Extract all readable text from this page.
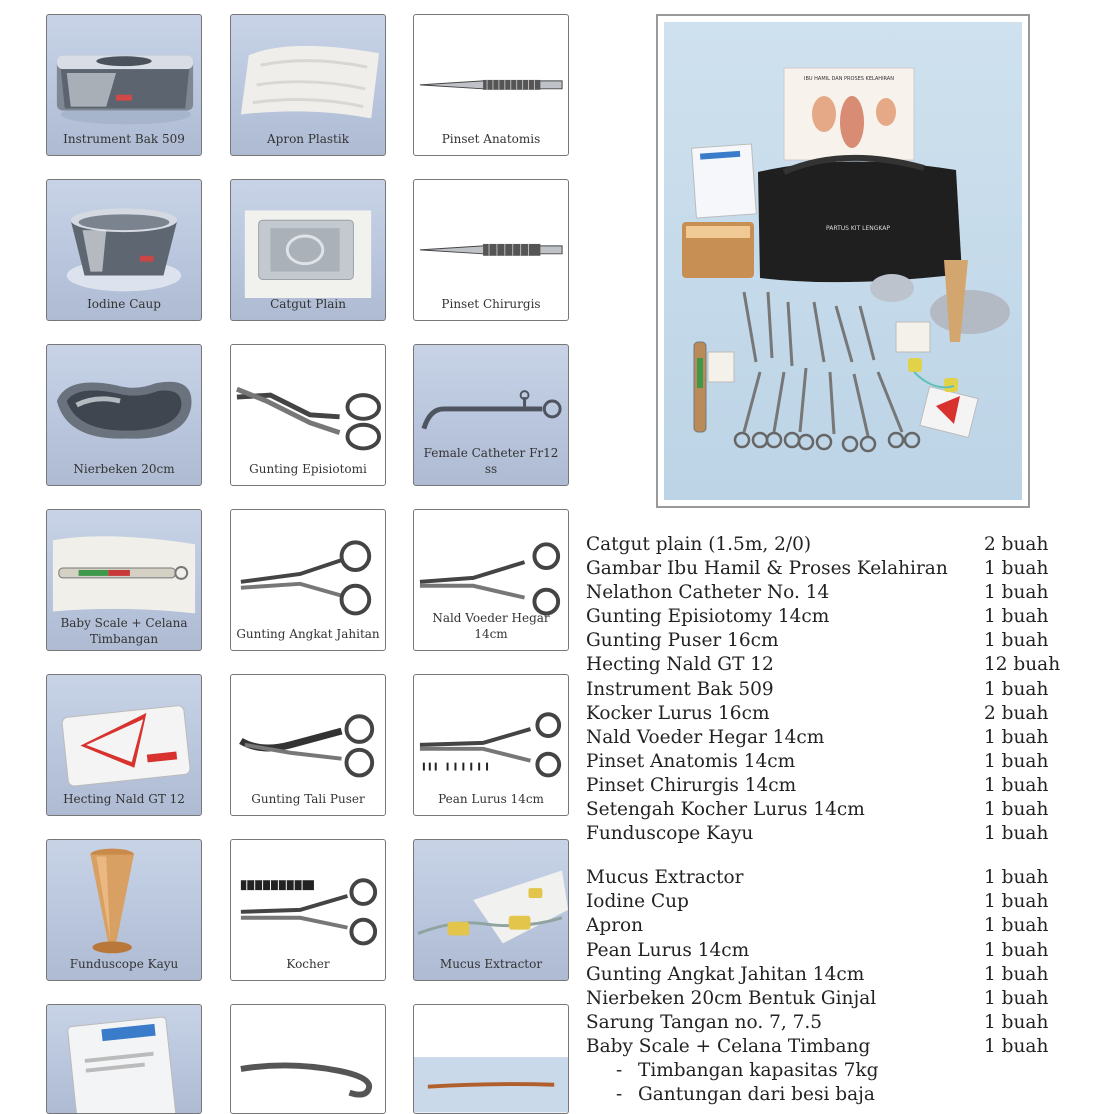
Instrument Bak 509	Apron Plastik	Pinset Anatomis
Iodine Caup	Catgut Plain	Pinset Chirurgis
Nierbeken 20cm	Gunting Episiotomi
Female Catheter Fr12 ss
Baby Scale + Celana
Timbangan	Gunting Angkat Jahitan
Nald Voeder Hegar 14cm
Hecting Nald GT 12	Gunting Tali Puser	Pean Lurus 14cm
Funduscope Kayu	Kocher	Mucus Extractor
IBU HAMIL DAN PROSES KELAHIRAN
PARTUS KIT LENGKAP
Catgut plain (1.5m, 2/0)	2 buah
Gambar Ibu Hamil & Proses Kelahiran 1 buah
Nelathon Catheter No. 14	1 buah
Gunting Episiotomy 14cm	1 buah
Gunting Puser 16cm	1 buah
Hecting Nald GT 12	12 buah
Instrument Bak 509	1 buah
Kocker Lurus 16cm	2 buah
Nald Voeder Hegar 14cm	1 buah
Pinset Anatomis 14cm	1 buah
Pinset Chirurgis 14cm	1 buah
Setengah Kocher Lurus 14cm	1 buah
Funduscope Kayu	1 buah
Mucus Extractor	1 buah
Iodine Cup	1 buah
Apron	1 buah
Pean Lurus 14cm	1 buah
Gunting Angkat Jahitan 14cm	1 buah
Nierbeken 20cm Bentuk Ginjal	1 buah
Sarung Tangan no. 7, 7.5	1 buah
Baby Scale + Celana Timbang	1 buah
- Timbangan kapasitas 7kg
- Gantungan dari besi baja
